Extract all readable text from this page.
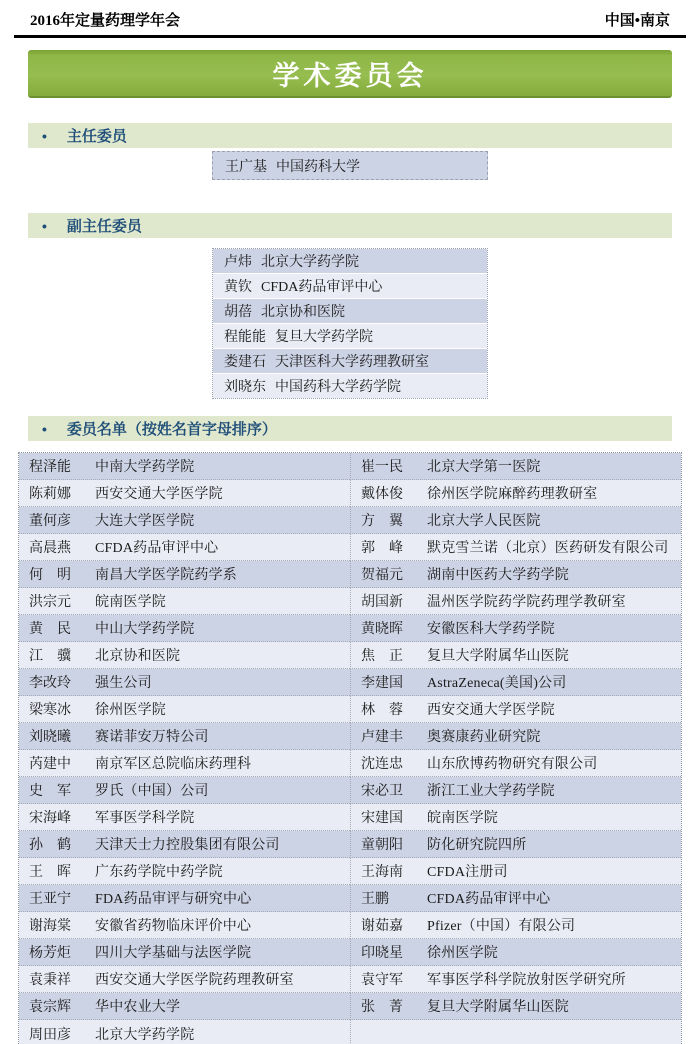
2016年定量药理学年会	中国•南京
学术委员会
• 主任委员
王广基 中国药科大学
• 副主任委员
卢炜 北京大学药学院
黄钦 CFDA药品审评中心
胡蓓 北京协和医院
程能能 复旦大学药学院
娄建石 天津医科大学药理教研室
刘晓东 中国药科大学药学院
• 委员名单（按姓名首字母排序）
程泽能	中南大学药学院	崔一民	北京大学第一医院
陈莉娜	西安交通大学医学院	戴体俊	徐州医学院麻醉药理教研室
董何彦	大连大学医学院	方　翼	北京大学人民医院
高晨燕	CFDA药品审评中心	郭　峰	默克雪兰诺（北京）医药研发有限公司
何　明	南昌大学医学院药学系	贺福元	湖南中医药大学药学院
洪宗元	皖南医学院	胡国新	温州医学院药学院药理学教研室
黄　民	中山大学药学院	黄晓晖	安徽医科大学药学院
江　骥	北京协和医院	焦　正	复旦大学附属华山医院
李改玲	强生公司	李建国	AstraZeneca(美国)公司
梁寒冰	徐州医学院	林　蓉	西安交通大学医学院
刘晓曦	赛诺菲安万特公司	卢建丰	奥赛康药业研究院
芮建中	南京军区总院临床药理科	沈连忠	山东欣博药物研究有限公司
史　军	罗氏（中国）公司	宋必卫	浙江工业大学药学院
宋海峰	军事医学科学院	宋建国	皖南医学院
孙　鹤	天津天士力控股集团有限公司	童朝阳	防化研究院四所
王　晖	广东药学院中药学院	王海南	CFDA注册司
王亚宁	FDA药品审评与研究中心	王鹏	CFDA药品审评中心
谢海棠	安徽省药物临床评价中心	谢茹嘉	Pfizer（中国）有限公司
杨芳炬	四川大学基础与法医学院	印晓星	徐州医学院
袁秉祥	西安交通大学医学院药理教研室	袁守军	军事医学科学院放射医学研究所
袁宗辉	华中农业大学	张　菁	复旦大学附属华山医院
周田彦	北京大学药学院
